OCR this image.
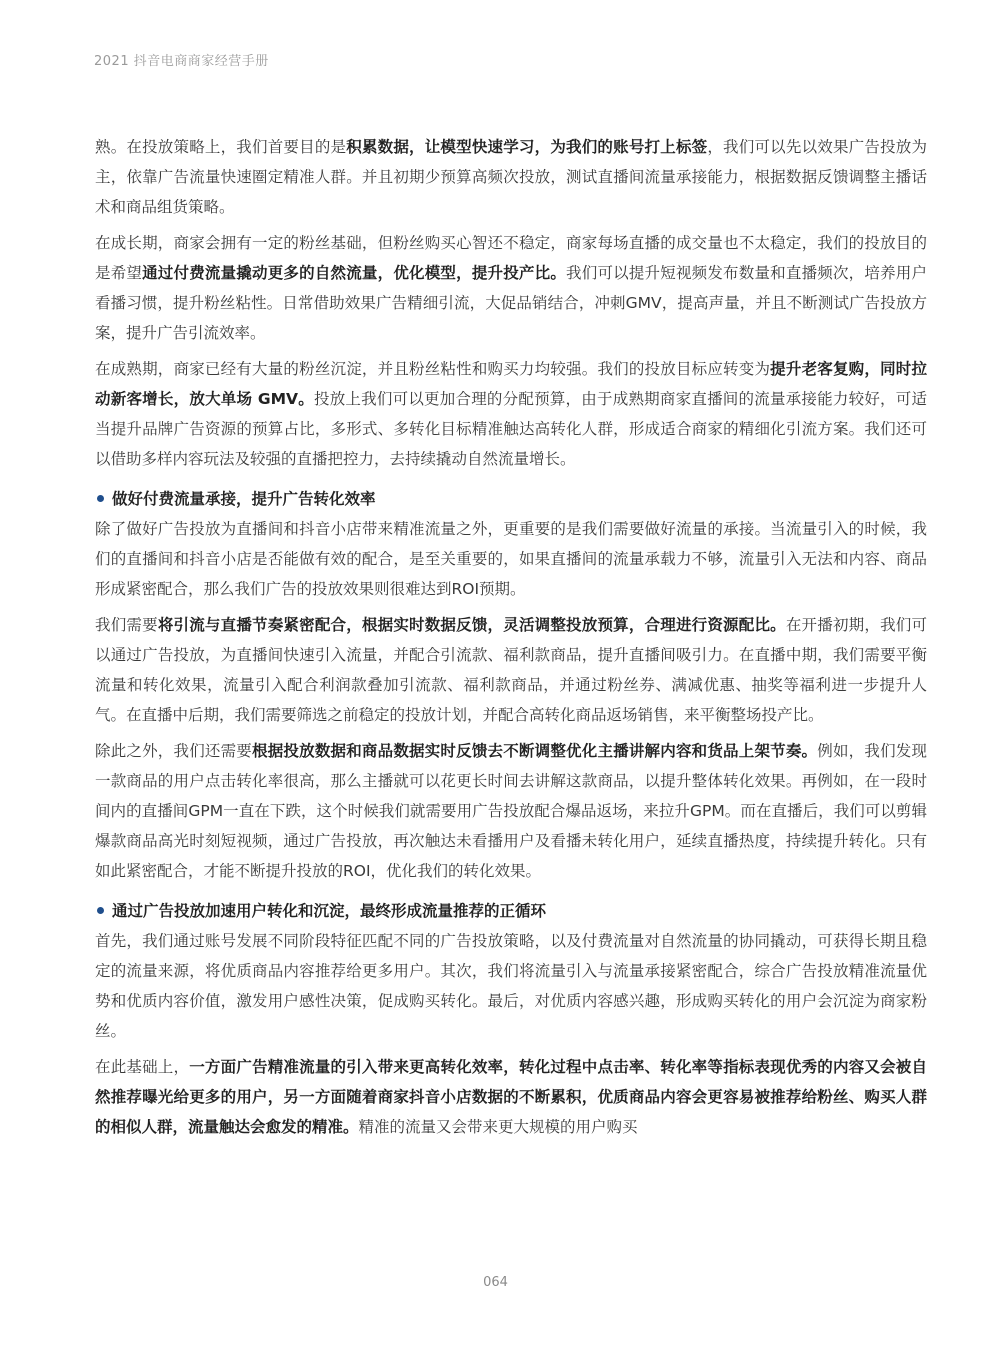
2021 抖音电商商家经营手册

熟。在投放策略上，我们首要目的是积累数据，让模型快速学习，为我们的账号打上标签，我们可以先以效果广告投放为主，依靠广告流量快速圈定精准人群。并且初期少预算高频次投放，测试直播间流量承接能力，根据数据反馈调整主播话术和商品组货策略。

在成长期，商家会拥有一定的粉丝基础，但粉丝购买心智还不稳定，商家每场直播的成交量也不太稳定，我们的投放目的是希望通过付费流量撬动更多的自然流量，优化模型，提升投产比。我们可以提升短视频发布数量和直播频次，培养用户看播习惯，提升粉丝粘性。日常借助效果广告精细引流，大促品销结合，冲刺GMV，提高声量，并且不断测试广告投放方案，提升广告引流效率。

在成熟期，商家已经有大量的粉丝沉淀，并且粉丝粘性和购买力均较强。我们的投放目标应转变为提升老客复购，同时拉动新客增长，放大单场 GMV。投放上我们可以更加合理的分配预算，由于成熟期商家直播间的流量承接能力较好，可适当提升品牌广告资源的预算占比，多形式、多转化目标精准触达高转化人群，形成适合商家的精细化引流方案。我们还可以借助多样内容玩法及较强的直播把控力，去持续撬动自然流量增长。

做好付费流量承接，提升广告转化效率

除了做好广告投放为直播间和抖音小店带来精准流量之外，更重要的是我们需要做好流量的承接。当流量引入的时候，我们的直播间和抖音小店是否能做有效的配合，是至关重要的，如果直播间的流量承载力不够，流量引入无法和内容、商品形成紧密配合，那么我们广告的投放效果则很难达到ROI预期。

我们需要将引流与直播节奏紧密配合，根据实时数据反馈，灵活调整投放预算，合理进行资源配比。在开播初期，我们可以通过广告投放，为直播间快速引入流量，并配合引流款、福利款商品，提升直播间吸引力。在直播中期，我们需要平衡流量和转化效果，流量引入配合利润款叠加引流款、福利款商品，并通过粉丝券、满减优惠、抽奖等福利进一步提升人气。在直播中后期，我们需要筛选之前稳定的投放计划，并配合高转化商品返场销售，来平衡整场投产比。

除此之外，我们还需要根据投放数据和商品数据实时反馈去不断调整优化主播讲解内容和货品上架节奏。例如，我们发现一款商品的用户点击转化率很高，那么主播就可以花更长时间去讲解这款商品，以提升整体转化效果。再例如，在一段时间内的直播间GPM一直在下跌，这个时候我们就需要用广告投放配合爆品返场，来拉升GPM。而在直播后，我们可以剪辑爆款商品高光时刻短视频，通过广告投放，再次触达未看播用户及看播未转化用户，延续直播热度，持续提升转化。只有如此紧密配合，才能不断提升投放的ROI，优化我们的转化效果。

通过广告投放加速用户转化和沉淀，最终形成流量推荐的正循环

首先，我们通过账号发展不同阶段特征匹配不同的广告投放策略，以及付费流量对自然流量的协同撬动，可获得长期且稳定的流量来源，将优质商品内容推荐给更多用户。其次，我们将流量引入与流量承接紧密配合，综合广告投放精准流量优势和优质内容价值，激发用户感性决策，促成购买转化。最后，对优质内容感兴趣，形成购买转化的用户会沉淀为商家粉丝。

在此基础上，一方面广告精准流量的引入带来更高转化效率，转化过程中点击率、转化率等指标表现优秀的内容又会被自然推荐曝光给更多的用户，另一方面随着商家抖音小店数据的不断累积，优质商品内容会更容易被推荐给粉丝、购买人群的相似人群，流量触达会愈发的精准。精准的流量又会带来更大规模的用户购买

064
